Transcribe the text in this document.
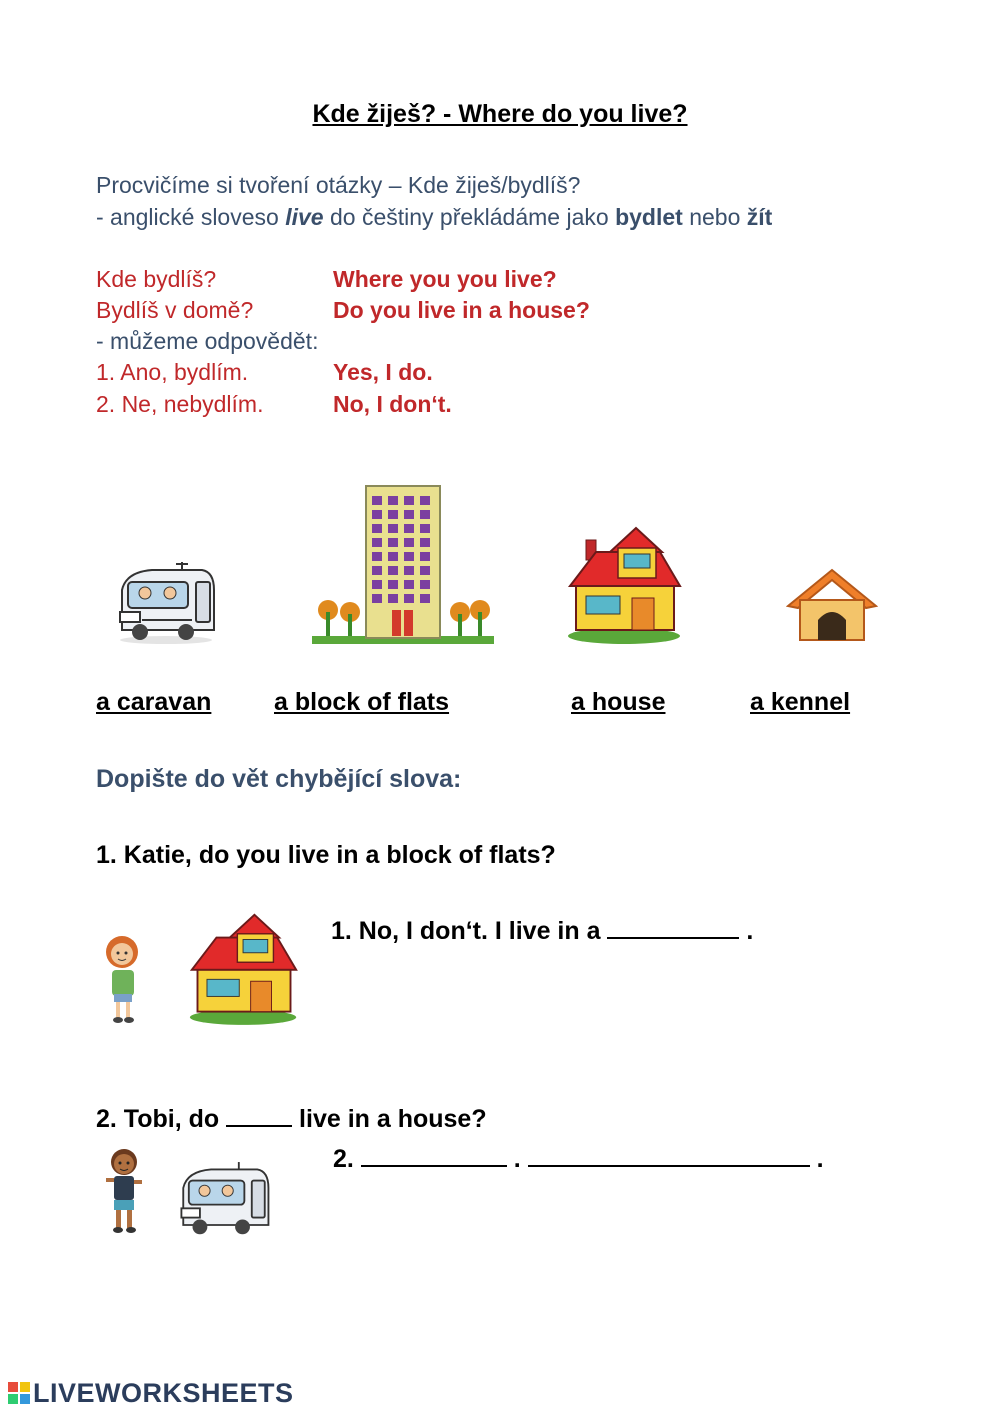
Kde žiješ? - Where do you live?
Procvičíme si tvoření otázky – Kde žiješ/bydlíš?
- anglické sloveso live do češtiny překládáme jako bydlet nebo žít
Kde bydlíš?	Where you you live?
Bydlíš v domě?	Do you live in a house?
- můžeme odpovědět:
1. Ano, bydlím.	Yes, I do.
2. Ne, nebydlím.	No, I don‘t.
a caravan	a block of flats	a house	a kennel
Dopište do vět chybějící slova:
1. Katie, do you live in a block of flats?
1. No, I don‘t. I live in a	.
2. Tobi, do	live in a house?
2.	.	.
LIVEWORKSHEETS
